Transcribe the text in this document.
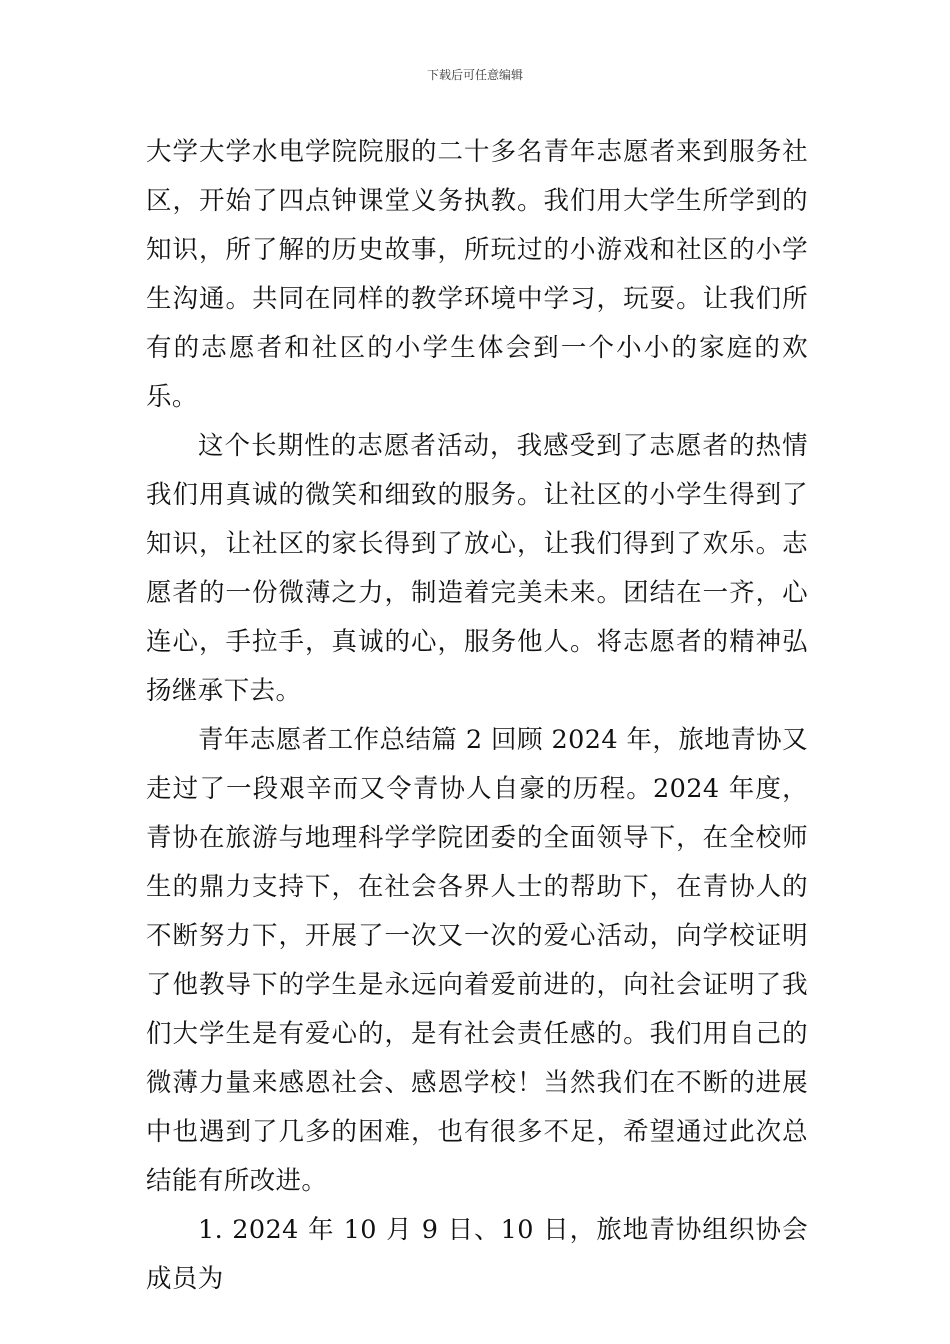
下载后可任意编辑

大学大学水电学院院服的二十多名青年志愿者来到服务社区，开始了四点钟课堂义务执教。我们用大学生所学到的知识，所了解的历史故事，所玩过的小游戏和社区的小学生沟通。共同在同样的教学环境中学习，玩耍。让我们所有的志愿者和社区的小学生体会到一个小小的家庭的欢乐。

这个长期性的志愿者活动，我感受到了志愿者的热情我们用真诚的微笑和细致的服务。让社区的小学生得到了知识，让社区的家长得到了放心，让我们得到了欢乐。志愿者的一份微薄之力，制造着完美未来。团结在一齐，心连心，手拉手，真诚的心，服务他人。将志愿者的精神弘扬继承下去。

青年志愿者工作总结篇 2 回顾 2024 年，旅地青协又走过了一段艰辛而又令青协人自豪的历程。2024 年度，青协在旅游与地理科学学院团委的全面领导下，在全校师生的鼎力支持下，在社会各界人士的帮助下，在青协人的不断努力下，开展了一次又一次的爱心活动，向学校证明了他教导下的学生是永远向着爱前进的，向社会证明了我们大学生是有爱心的，是有社会责任感的。我们用自己的微薄力量来感恩社会、感恩学校！当然我们在不断的进展中也遇到了几多的困难，也有很多不足，希望通过此次总结能有所改进。

1. 2024 年 10 月 9 日、10 日，旅地青协组织协会成员为
